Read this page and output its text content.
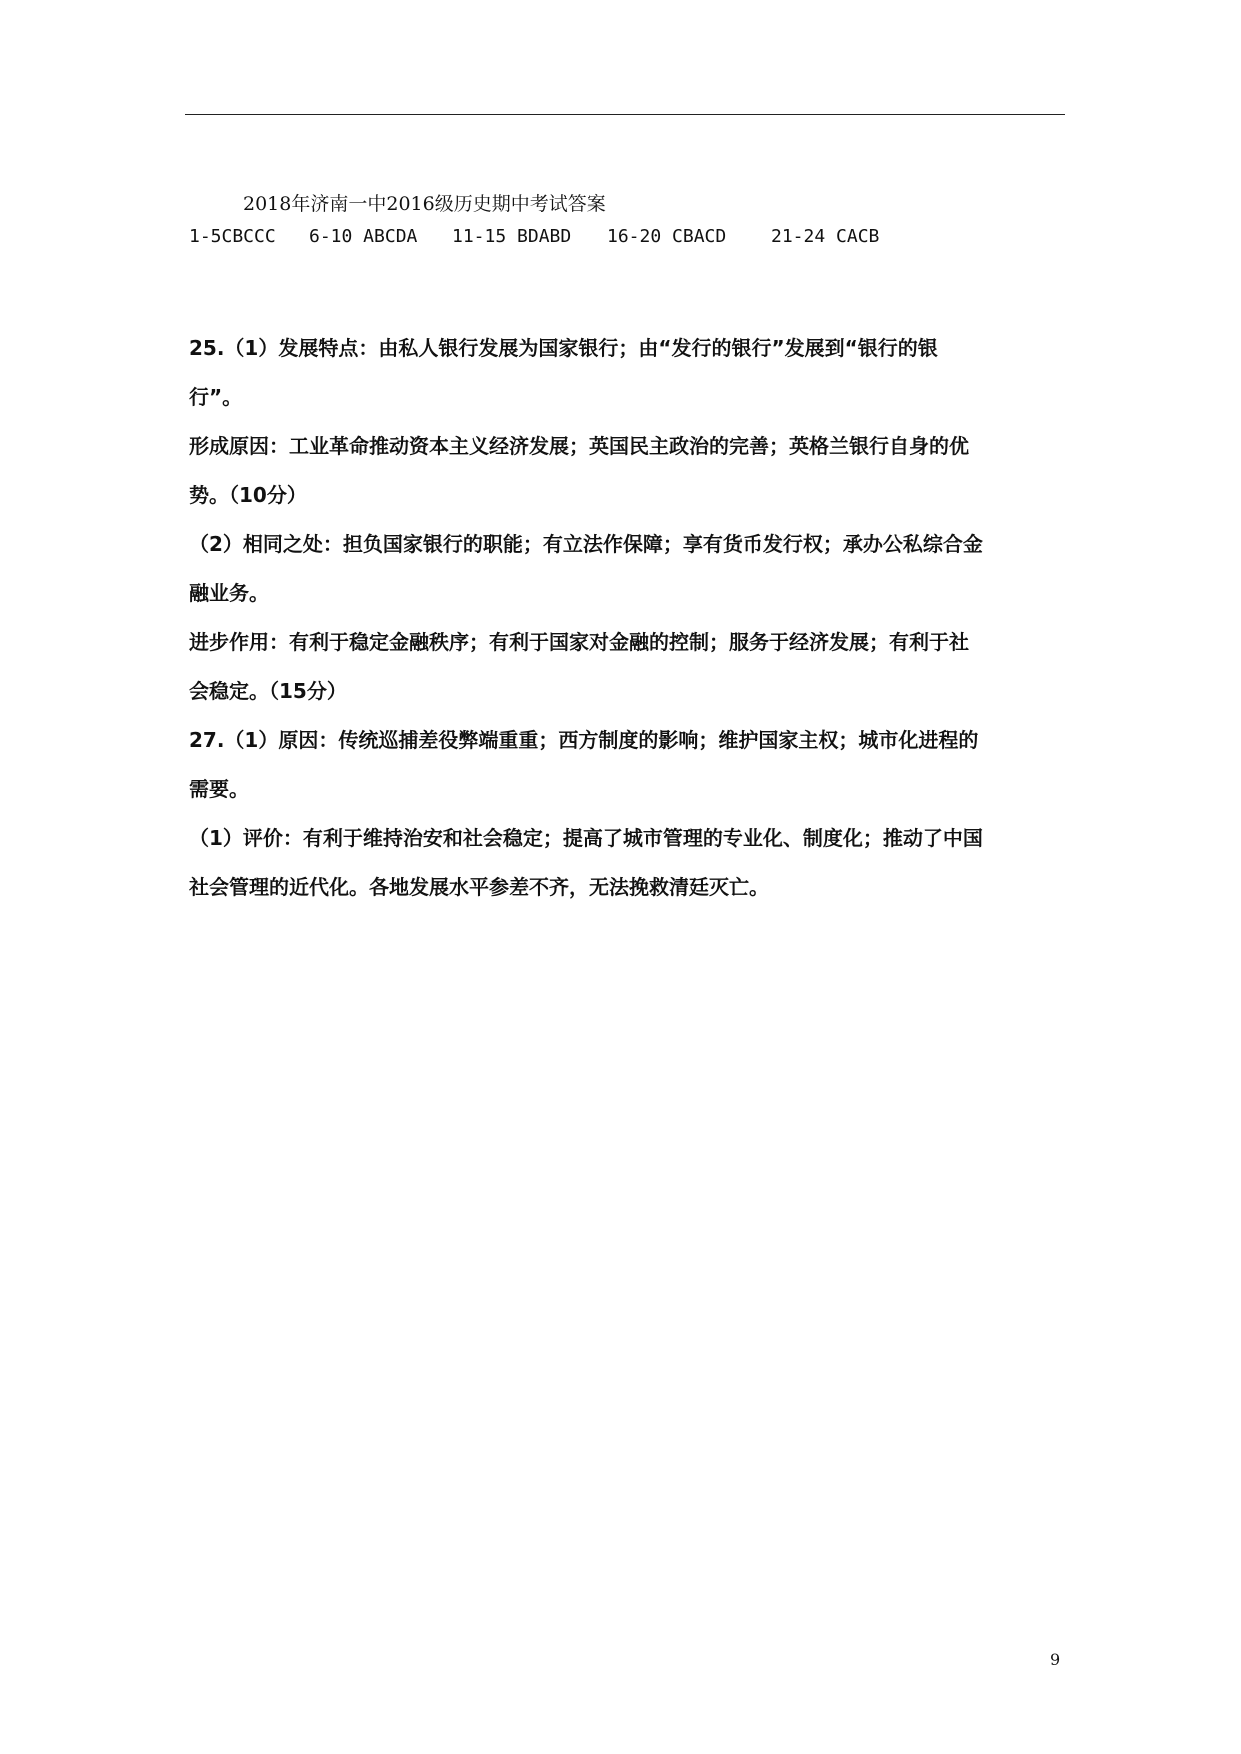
2018年济南一中2016级历史期中考试答案
1-5CBCCC 6-10 ABCDA 11-15 BDABD 16-20 CBACD 21-24 CACB
25.（1）发展特点：由私人银行发展为国家银行；由“发行的银行”发展到“银行的银
行”。
形成原因：工业革命推动资本主义经济发展；英国民主政治的完善；英格兰银行自身的优
势。（10分）
（2）相同之处：担负国家银行的职能；有立法作保障；享有货币发行权；承办公私综合金
融业务。
进步作用：有利于稳定金融秩序；有利于国家对金融的控制；服务于经济发展；有利于社
会稳定。（15分）
27.（1）原因：传统巡捕差役弊端重重；西方制度的影响；维护国家主权；城市化进程的
需要。
（1）评价：有利于维持治安和社会稳定；提高了城市管理的专业化、制度化；推动了中国
社会管理的近代化。各地发展水平参差不齐，无法挽救清廷灭亡。
9
